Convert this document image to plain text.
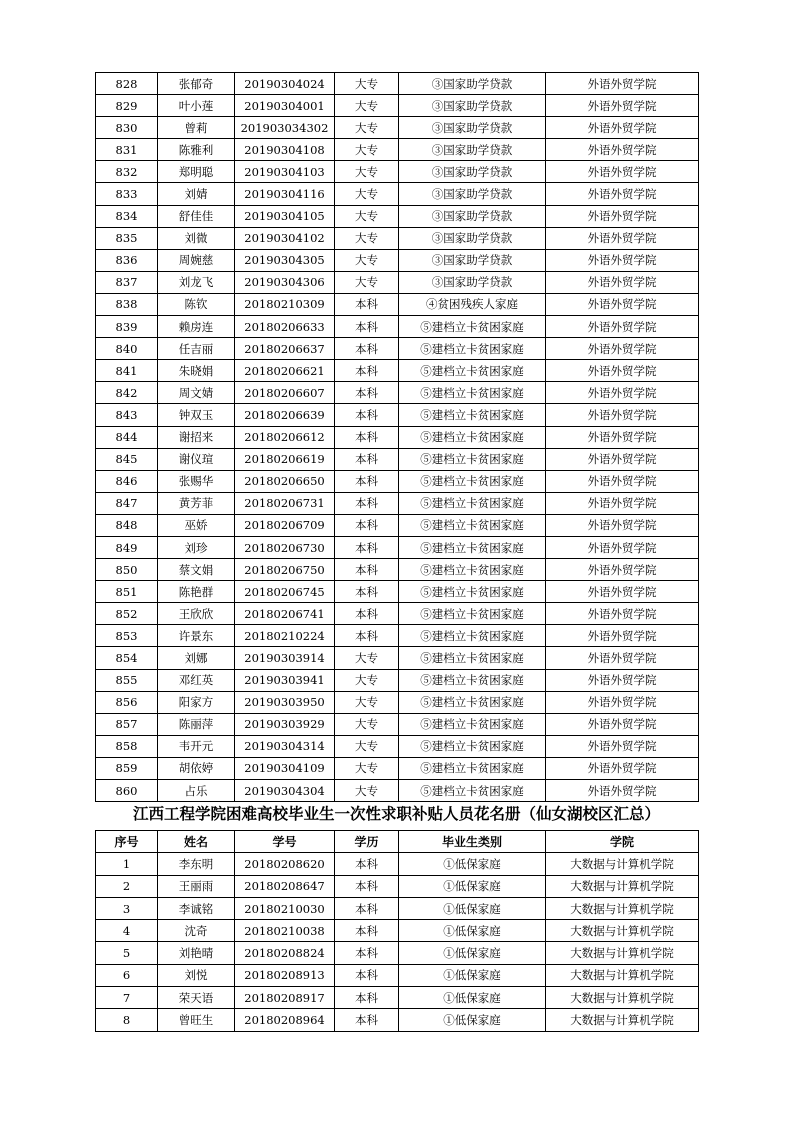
828	张郁奇	20190304024	大专	③国家助学贷款	外语外贸学院
829	叶小莲	20190304001	大专	③国家助学贷款	外语外贸学院
830	曾莉	201903034302	大专	③国家助学贷款	外语外贸学院
831	陈雅利	20190304108	大专	③国家助学贷款	外语外贸学院
832	郑明聪	20190304103	大专	③国家助学贷款	外语外贸学院
833	刘婧	20190304116	大专	③国家助学贷款	外语外贸学院
834	舒佳佳	20190304105	大专	③国家助学贷款	外语外贸学院
835	刘微	20190304102	大专	③国家助学贷款	外语外贸学院
836	周婉慈	20190304305	大专	③国家助学贷款	外语外贸学院
837	刘龙飞	20190304306	大专	③国家助学贷款	外语外贸学院
838	陈钦	20180210309	本科	④贫困残疾人家庭	外语外贸学院
839	赖房连	20180206633	本科	⑤建档立卡贫困家庭	外语外贸学院
840	任吉丽	20180206637	本科	⑤建档立卡贫困家庭	外语外贸学院
841	朱晓娟	20180206621	本科	⑤建档立卡贫困家庭	外语外贸学院
842	周文婧	20180206607	本科	⑤建档立卡贫困家庭	外语外贸学院
843	钟双玉	20180206639	本科	⑤建档立卡贫困家庭	外语外贸学院
844	谢招来	20180206612	本科	⑤建档立卡贫困家庭	外语外贸学院
845	谢仪瑄	20180206619	本科	⑤建档立卡贫困家庭	外语外贸学院
846	张赐华	20180206650	本科	⑤建档立卡贫困家庭	外语外贸学院
847	黄芳菲	20180206731	本科	⑤建档立卡贫困家庭	外语外贸学院
848	巫娇	20180206709	本科	⑤建档立卡贫困家庭	外语外贸学院
849	刘珍	20180206730	本科	⑤建档立卡贫困家庭	外语外贸学院
850	蔡文娟	20180206750	本科	⑤建档立卡贫困家庭	外语外贸学院
851	陈艳群	20180206745	本科	⑤建档立卡贫困家庭	外语外贸学院
852	王欣欣	20180206741	本科	⑤建档立卡贫困家庭	外语外贸学院
853	许景东	20180210224	本科	⑤建档立卡贫困家庭	外语外贸学院
854	刘娜	20190303914	大专	⑤建档立卡贫困家庭	外语外贸学院
855	邓红英	20190303941	大专	⑤建档立卡贫困家庭	外语外贸学院
856	阳家方	20190303950	大专	⑤建档立卡贫困家庭	外语外贸学院
857	陈丽萍	20190303929	大专	⑤建档立卡贫困家庭	外语外贸学院
858	韦开元	20190304314	大专	⑤建档立卡贫困家庭	外语外贸学院
859	胡依婷	20190304109	大专	⑤建档立卡贫困家庭	外语外贸学院
860	占乐	20190304304	大专	⑤建档立卡贫困家庭	外语外贸学院
江西工程学院困难高校毕业生一次性求职补贴人员花名册（仙女湖校区汇总）
序号	姓名	学号	学历	毕业生类别	学院
1	李东明	20180208620	本科	①低保家庭	大数据与计算机学院
2	王丽雨	20180208647	本科	①低保家庭	大数据与计算机学院
3	李诚铭	20180210030	本科	①低保家庭	大数据与计算机学院
4	沈奇	20180210038	本科	①低保家庭	大数据与计算机学院
5	刘艳晴	20180208824	本科	①低保家庭	大数据与计算机学院
6	刘悦	20180208913	本科	①低保家庭	大数据与计算机学院
7	荣天语	20180208917	本科	①低保家庭	大数据与计算机学院
8	曾旺生	20180208964	本科	①低保家庭	大数据与计算机学院
